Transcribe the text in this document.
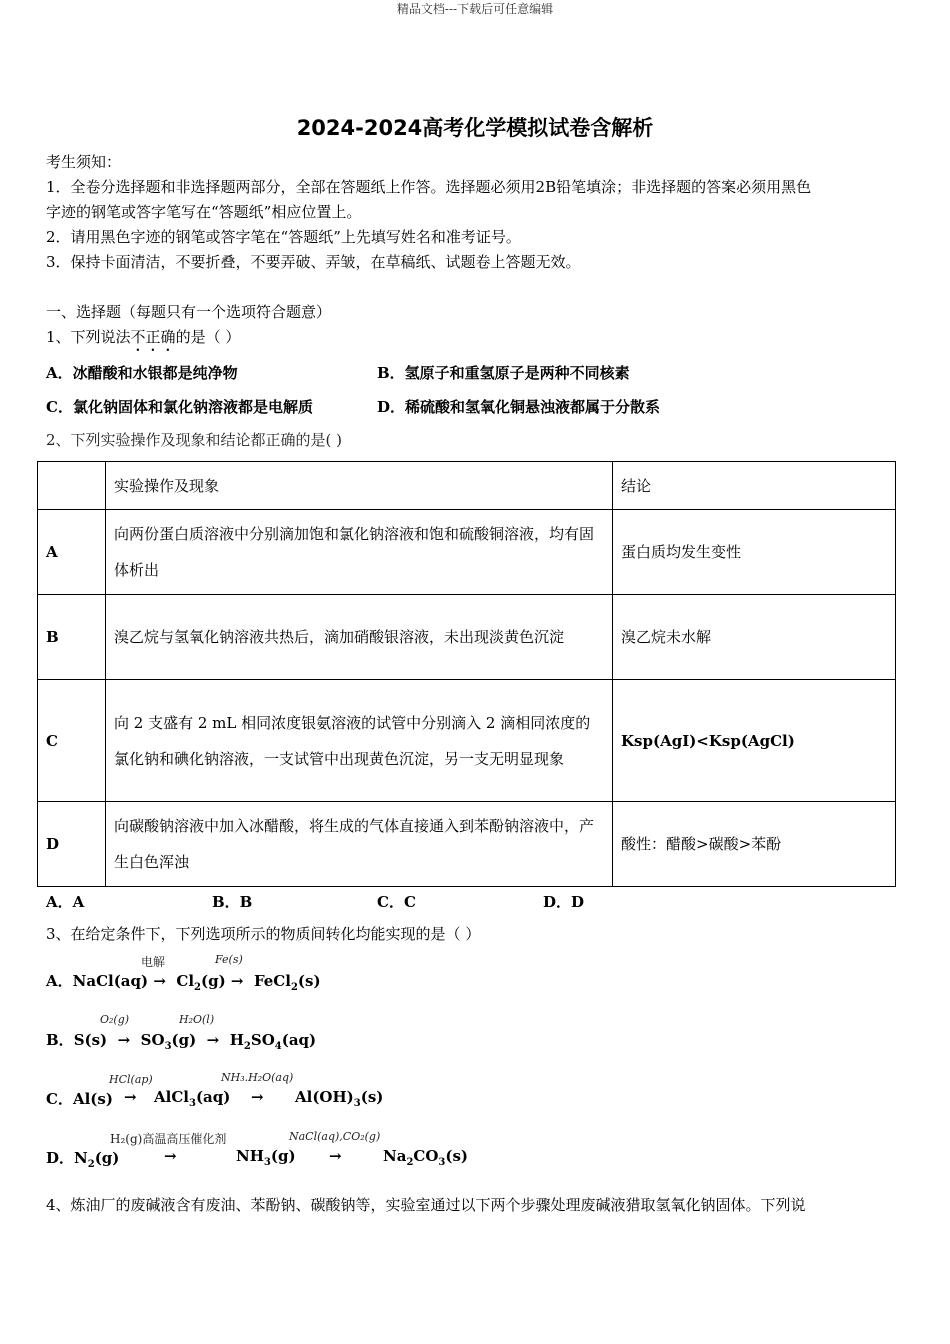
精品文档---下载后可任意编辑
2024-2024高考化学模拟试卷含解析
考生须知：
1．全卷分选择题和非选择题两部分，全部在答题纸上作答。选择题必须用2B铅笔填涂；非选择题的答案必须用黑色
字迹的钢笔或答字笔写在“答题纸”相应位置上。
2．请用黑色字迹的钢笔或答字笔在“答题纸”上先填写姓名和准考证号。
3．保持卡面清洁，不要折叠，不要弄破、弄皱，在草稿纸、试题卷上答题无效。
一、选择题（每题只有一个选项符合题意）
1、下列说法不正确的是（ ）
A．冰醋酸和水银都是纯净物	B．氢原子和重氢原子是两种不同核素
C．氯化钠固体和氯化钠溶液都是电解质	D．稀硫酸和氢氧化铜悬浊液都属于分散系
2、下列实验操作及现象和结论都正确的是( )
	实验操作及现象	结论
A	向两份蛋白质溶液中分别滴加饱和氯化钠溶液和饱和硫酸铜溶液，均有固体析出	蛋白质均发生变性
B	溴乙烷与氢氧化钠溶液共热后，滴加硝酸银溶液，未出现淡黄色沉淀	溴乙烷未水解
C	向 2 支盛有 2 mL 相同浓度银氨溶液的试管中分别滴入 2 滴相同浓度的氯化钠和碘化钠溶液，一支试管中出现黄色沉淀，另一支无明显现象	Ksp(AgI)<Ksp(AgCl)
D	向碳酸钠溶液中加入冰醋酸，将生成的气体直接通入到苯酚钠溶液中，产生白色浑浊	酸性：醋酸>碳酸>苯酚
A．A	B．B	C．C	D．D
3、在给定条件下，下列选项所示的物质间转化均能实现的是（ ）
电解	Fe(s)
A．NaCl(aq) → $Cl_2(g)$ → FeCl$_2$(s)
O₂(g)	H₂O(l)
B．$S(s) \to SO_3(g) \to H_2SO_4(aq)$
HCl(ap)	NH₃.H₂O(aq)
C．Al(s) → AlCl$_3$(aq) → $Al(OH)_3(s)$
H₂(g)高温高压催化剂	NaCl(aq),CO₂(g)
D．$N_2(g)$	→	$NH_3(g)$ →	$Na_2CO_3(s)$
4、炼油厂的废碱液含有废油、苯酚钠、碳酸钠等，实验室通过以下两个步骤处理废碱液猎取氢氧化钠固体。下列说
